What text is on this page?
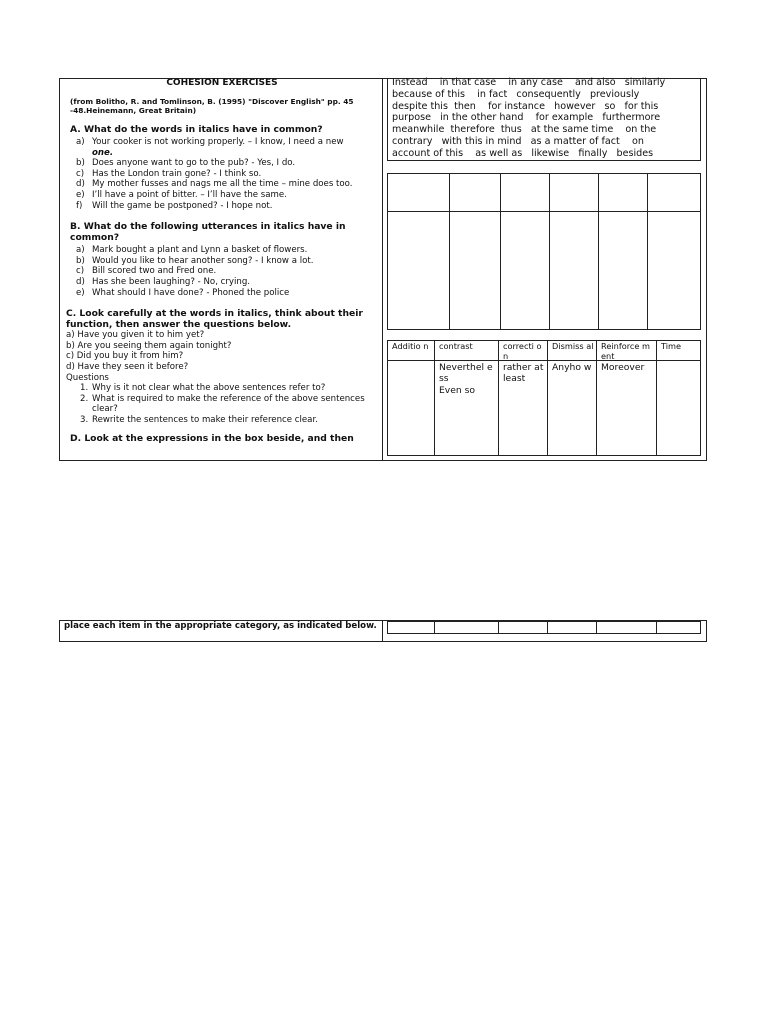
COHESION EXERCISES
(from Bolitho, R. and Tomlinson, B. (1995) "Discover English" pp. 45 -48.Heinemann, Great Britain)
A. What do the words in italics have in common?
a) Your cooker is not working properly. – I know, I need a new
one.
b) Does anyone want to go to the pub? - Yes, I do.
c) Has the London train gone? - I think so.
d) My mother fusses and nags me all the time – mine does too.
e) I’ll have a point of bitter. – I’ll have the same.
f) Will the game be postponed? - I hope not.
B. What do the following utterances in italics have in common?
a) Mark bought a plant and Lynn a basket of flowers.
b) Would you like to hear another song? - I know a lot.
c) Bill scored two and Fred one.
d) Has she been laughing? - No, crying.
e) What should I have done? - Phoned the police
C. Look carefully at the words in italics, think about their function, then answer the questions below.
a) Have you given it to him yet?
b) Are you seeing them again tonight?
c) Did you buy it from him?
d) Have they seen it before?
Questions
1. Why is it not clear what the above sentences refer to?
2. What is required to make the reference of the above sentences clear?
3. Rewrite the sentences to make their reference clear.
D. Look at the expressions in the box beside, and then
Instead    in that case    in any case    and also   similarly
because of this    in fact   consequently   previously
despite this  then    for instance   however   so   for this
purpose   in the other hand    for example   furthermore
meanwhile  therefore  thus   at the same time    on the
contrary   with this in mind   as a matter of fact    on
account of this    as well as   likewise   finally   besides
Additio n	contrast	correcti on
Dismiss al Reinforce ment
Time
Neverthel ess
Even so
rather at least
Anyho w Moreover
place each item in the appropriate category, as indicated below.
